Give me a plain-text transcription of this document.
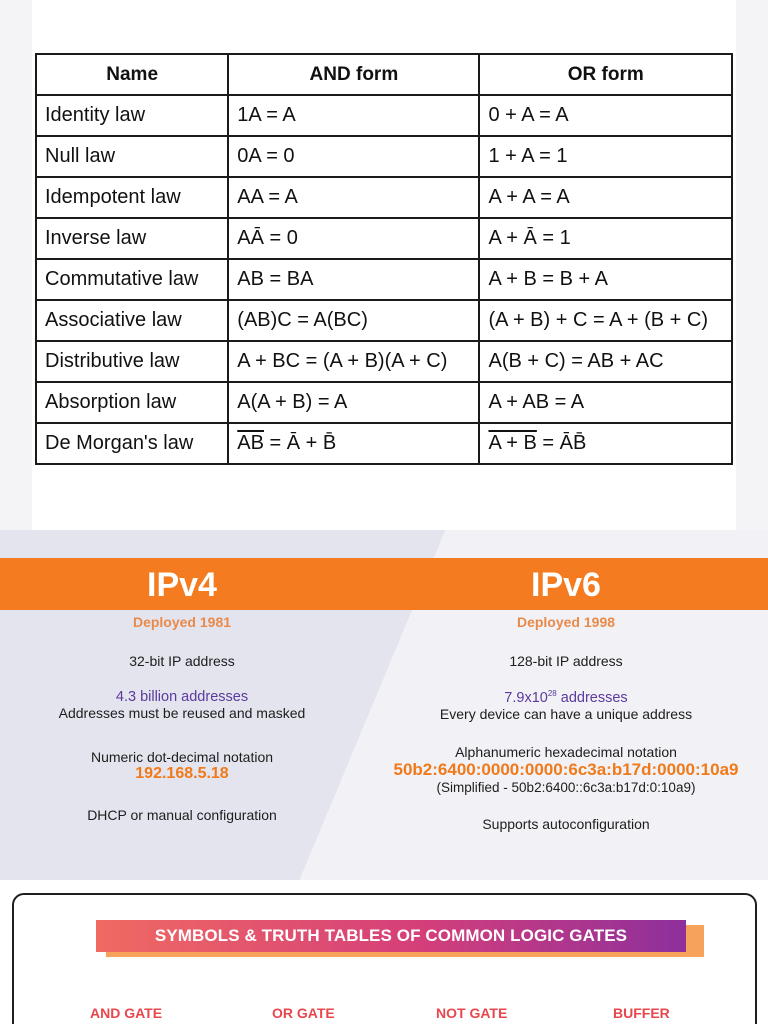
Name	AND form	OR form
Identity law	1A = A	0 + A = A
Null law	0A = 0	1 + A = 1
Idempotent law	AA = A	A + A = A
Inverse law	AĀ = 0	A + Ā = 1
Commutative law	AB = BA	A + B = B + A
Associative law	(AB)C = A(BC)	(A + B) + C = A + (B + C)
Distributive law	A + BC = (A + B)(A + C)	A(B + C) = AB + AC
Absorption law	A(A + B) = A	A + AB = A
De Morgan's law	$\overline{AB}$ = Ā + B̄	A + B = ĀB̄
IPv4
Deployed 1981
32-bit IP address
4.3 billion addresses
Addresses must be reused and masked
Numeric dot-decimal notation
192.168.5.18
DHCP or manual configuration
IPv6
Deployed 1998
128-bit IP address
$7.9x10^{28}$ addresses
Every device can have a unique address
Alphanumeric hexadecimal notation
50b2:6400:0000:0000:6c3a:b17d:0000:10a9
(Simplified - 50b2:6400::6c3a:b17d:0:10a9)
Supports autoconfiguration
SYMBOLS & TRUTH TABLES OF COMMON LOGIC GATES
AND GATE	OR GATE	NOT GATE	BUFFER
